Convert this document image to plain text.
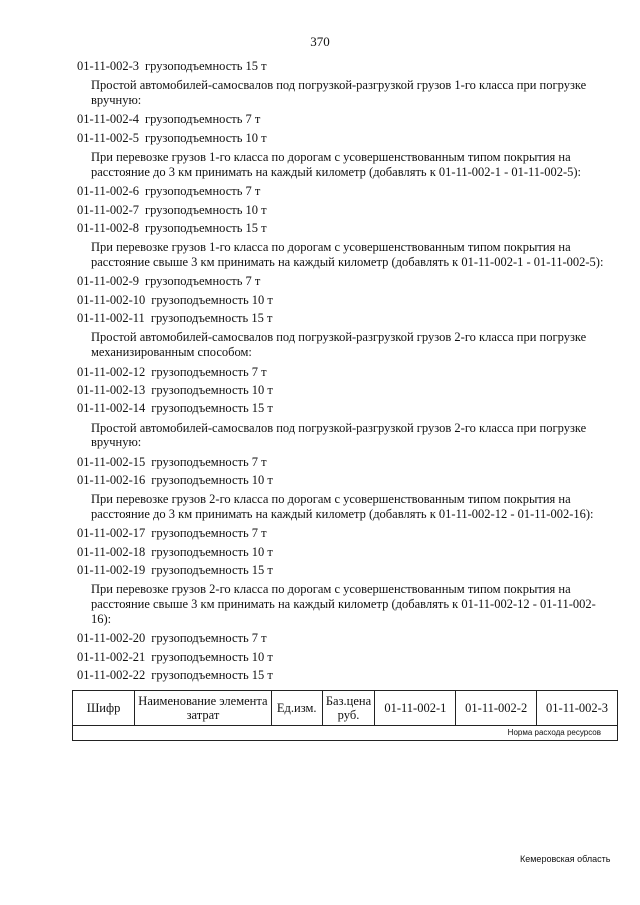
370
01-11-002-3 грузоподъемность 15 т
Простой автомобилей-самосвалов под погрузкой-разгрузкой грузов 1-го класса при погрузке вручную:
01-11-002-4 грузоподъемность 7 т
01-11-002-5 грузоподъемность 10 т
При перевозке грузов 1-го класса по дорогам с усовершенствованным типом покрытия на расстояние до 3 км принимать на каждый километр (добавлять к 01-11-002-1 - 01-11-002-5):
01-11-002-6 грузоподъемность 7 т
01-11-002-7 грузоподъемность 10 т
01-11-002-8 грузоподъемность 15 т
При перевозке грузов 1-го класса по дорогам с усовершенствованным типом покрытия на расстояние свыше 3 км принимать на каждый километр (добавлять к 01-11-002-1 - 01-11-002-5):
01-11-002-9 грузоподъемность 7 т
01-11-002-10 грузоподъемность 10 т
01-11-002-11 грузоподъемность 15 т
Простой автомобилей-самосвалов под погрузкой-разгрузкой грузов 2-го класса при погрузке механизированным способом:
01-11-002-12 грузоподъемность 7 т
01-11-002-13 грузоподъемность 10 т
01-11-002-14 грузоподъемность 15 т
Простой автомобилей-самосвалов под погрузкой-разгрузкой грузов 2-го класса при погрузке вручную:
01-11-002-15 грузоподъемность 7 т
01-11-002-16 грузоподъемность 10 т
При перевозке грузов 2-го класса по дорогам с усовершенствованным типом покрытия на расстояние до 3 км принимать на каждый километр (добавлять к 01-11-002-12 - 01-11-002-16):
01-11-002-17 грузоподъемность 7 т
01-11-002-18 грузоподъемность 10 т
01-11-002-19 грузоподъемность 15 т
При перевозке грузов 2-го класса по дорогам с усовершенствованным типом покрытия на расстояние свыше 3 км принимать на каждый километр (добавлять к 01-11-002-12 - 01-11-002-16):
01-11-002-20 грузоподъемность 7 т
01-11-002-21 грузоподъемность 10 т
01-11-002-22 грузоподъемность 15 т
Шифр	Наименование элемента затрат	Ед.изм.	Баз.цена руб.	01-11-002-1	01-11-002-2	01-11-002-3
Норма расхода ресурсов
Кемеровская область
